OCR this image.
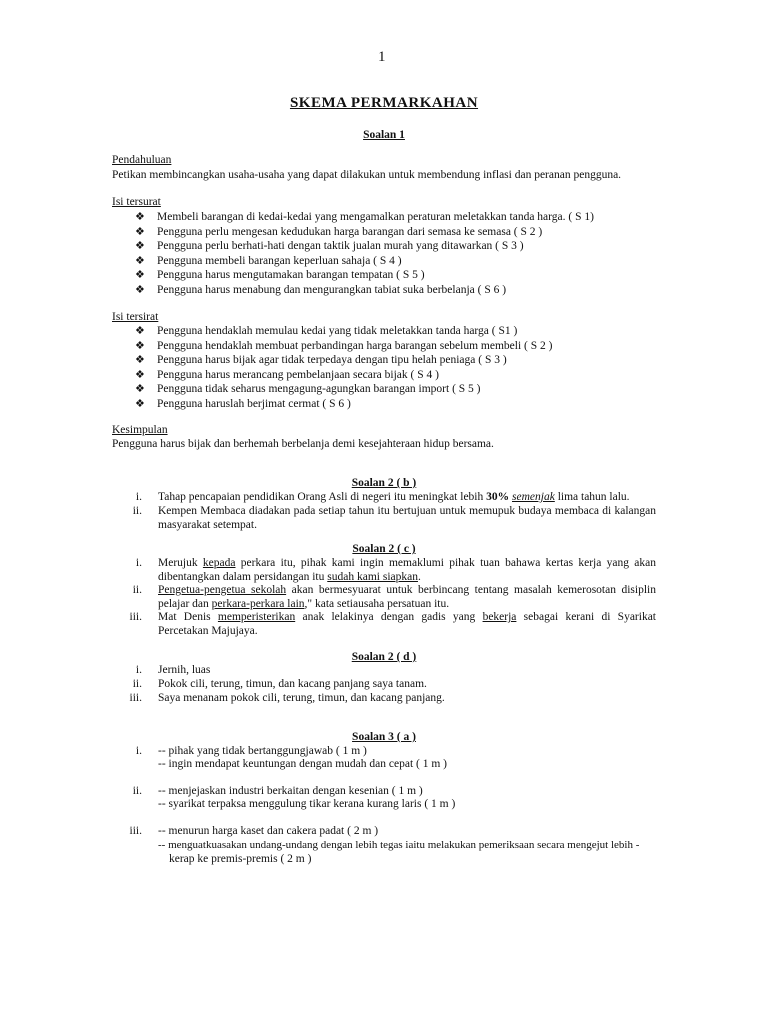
1
SKEMA PERMARKAHAN
Soalan 1
Pendahuluan
Petikan membincangkan usaha-usaha yang dapat dilakukan untuk membendung inflasi dan peranan pengguna.
Isi tersurat
❖ Membeli barangan di kedai-kedai yang mengamalkan peraturan meletakkan tanda harga. ( S 1)
❖ Pengguna perlu mengesan kedudukan harga barangan dari semasa ke semasa ( S 2 )
❖ Pengguna perlu berhati-hati dengan taktik jualan murah yang ditawarkan ( S 3 )
❖ Pengguna membeli barangan keperluan sahaja ( S 4 )
❖ Pengguna harus mengutamakan barangan tempatan ( S 5 )
❖ Pengguna harus menabung dan mengurangkan tabiat suka berbelanja ( S 6 )
Isi tersirat
❖ Pengguna hendaklah memulau kedai yang tidak meletakkan tanda harga ( S1 )
❖ Pengguna hendaklah membuat perbandingan harga barangan sebelum membeli ( S 2 )
❖ Pengguna harus bijak agar tidak terpedaya dengan tipu helah peniaga ( S 3 )
❖ Pengguna harus merancang pembelanjaan secara bijak ( S 4 )
❖ Pengguna tidak seharus mengagung-agungkan barangan import ( S 5 )
❖ Pengguna haruslah berjimat cermat ( S 6 )
Kesimpulan
Pengguna harus bijak dan berhemah berbelanja demi kesejahteraan hidup bersama.
Soalan 2 ( b )
i. Tahap pencapaian pendidikan Orang Asli di negeri itu meningkat lebih 30% semenjak lima tahun lalu.
ii. Kempen Membaca diadakan pada setiap tahun itu bertujuan untuk memupuk budaya membaca di kalangan masyarakat setempat.
Soalan 2 ( c )
i. Merujuk kepada perkara itu, pihak kami ingin memaklumi pihak tuan bahawa kertas kerja yang akan dibentangkan dalam persidangan itu sudah kami siapkan.
ii. Pengetua-pengetua sekolah akan bermesyuarat untuk berbincang tentang masalah kemerosotan disiplin pelajar dan perkara-perkara lain," kata setiausaha persatuan itu.
iii. Mat Denis memperisterikan anak lelakinya dengan gadis yang bekerja sebagai kerani di Syarikat Percetakan Majujaya.
Soalan 2 ( d )
i. Jernih, luas
ii. Pokok cili, terung, timun, dan kacang panjang saya tanam.
iii. Saya menanam pokok cili, terung, timun, dan kacang panjang.
Soalan 3 ( a )
i. -- pihak yang tidak bertanggungjawab ( 1 m )
-- ingin mendapat keuntungan dengan mudah dan cepat ( 1 m )
ii. -- menjejaskan industri berkaitan dengan kesenian ( 1 m )
-- syarikat terpaksa menggulung tikar kerana kurang laris ( 1 m )
iii. -- menurun harga kaset dan cakera padat ( 2 m )
-- menguatkuasakan undang-undang dengan lebih tegas iaitu melakukan pemeriksaan secara mengejut lebih -
kerap ke premis-premis ( 2 m )
